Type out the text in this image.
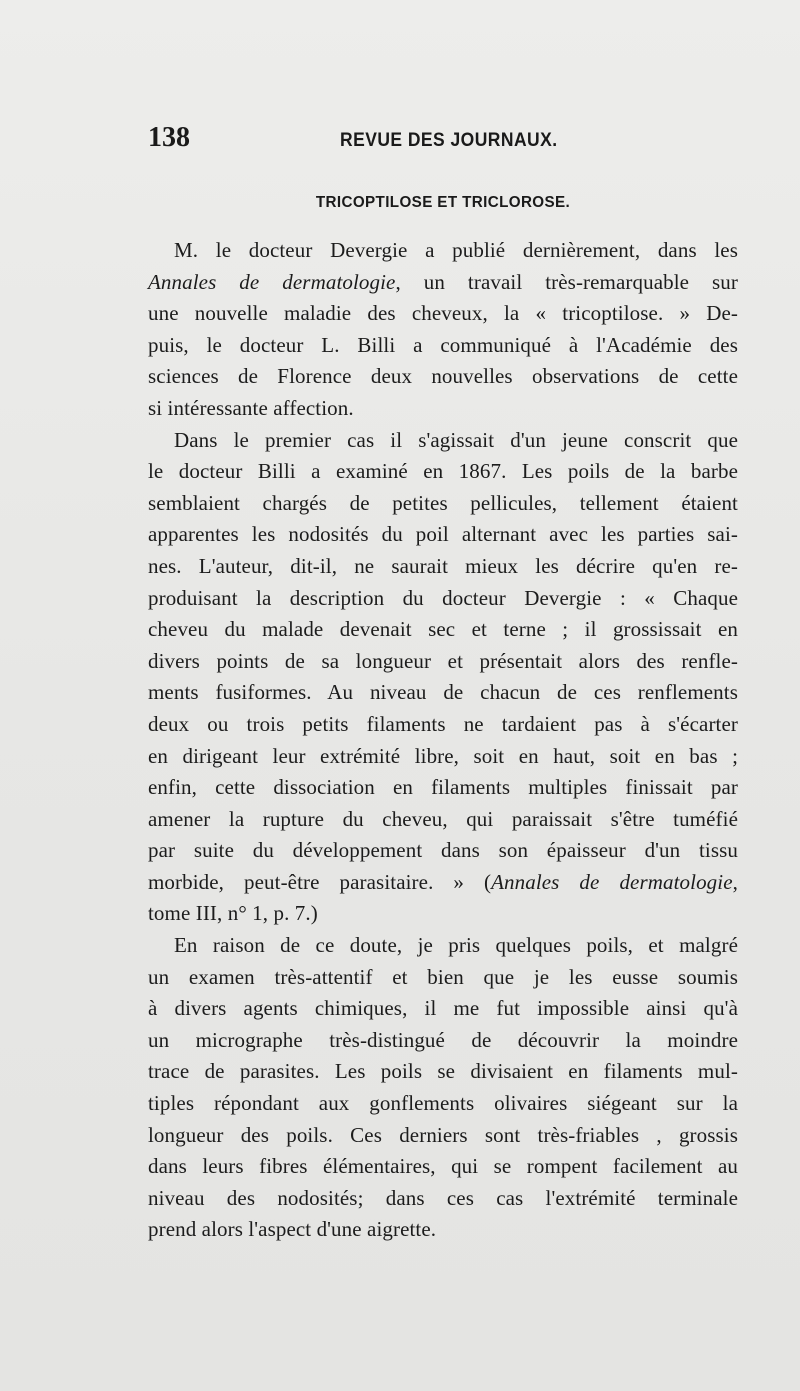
138	REVUE DES JOURNAUX.
TRICOPTILOSE ET TRICLOROSE.
M. le docteur Devergie a publié dernièrement, dans les
Annales de dermatologie, un travail très-remarquable sur
une nouvelle maladie des cheveux, la « tricoptilose. » De-
puis, le docteur L. Billi a communiqué à l'Académie des
sciences de Florence deux nouvelles observations de cette
si intéressante affection.
Dans le premier cas il s'agissait d'un jeune conscrit que
le docteur Billi a examiné en 1867. Les poils de la barbe
semblaient chargés de petites pellicules, tellement étaient
apparentes les nodosités du poil alternant avec les parties sai-
nes. L'auteur, dit-il, ne saurait mieux les décrire qu'en re-
produisant la description du docteur Devergie : « Chaque
cheveu du malade devenait sec et terne ; il grossissait en
divers points de sa longueur et présentait alors des renfle-
ments fusiformes. Au niveau de chacun de ces renflements
deux ou trois petits filaments ne tardaient pas à s'écarter
en dirigeant leur extrémité libre, soit en haut, soit en bas ;
enfin, cette dissociation en filaments multiples finissait par
amener la rupture du cheveu, qui paraissait s'être tuméfié
par suite du développement dans son épaisseur d'un tissu
morbide, peut-être parasitaire. » (Annales de dermatologie,
tome III, n° 1, p. 7.)
En raison de ce doute, je pris quelques poils, et malgré
un examen très-attentif et bien que je les eusse soumis
à divers agents chimiques, il me fut impossible ainsi qu'à
un micrographe très-distingué de découvrir la moindre
trace de parasites. Les poils se divisaient en filaments mul-
tiples répondant aux gonflements olivaires siégeant sur la
longueur des poils. Ces derniers sont très-friables , grossis
dans leurs fibres élémentaires, qui se rompent facilement au
niveau des nodosités; dans ces cas l'extrémité terminale
prend alors l'aspect d'une aigrette.
